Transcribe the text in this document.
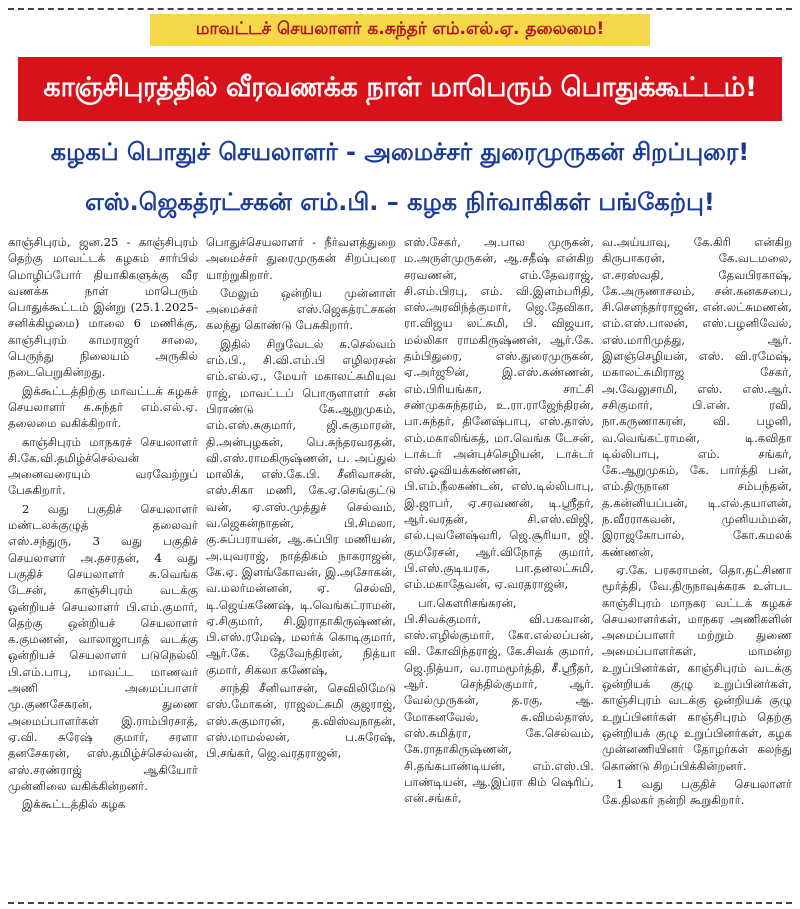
மாவட்டச் செயலாளர் க.சுந்தர் எம்.எல்.ஏ. தலைமை!
காஞ்சிபுரத்தில் வீரவணக்க நாள் மாபெரும் பொதுக்கூட்டம்!
கழகப் பொதுச் செயலாளர் - அமைச்சர் துரைமுருகன் சிறப்புரை!
எஸ்.ஜெகத்ரட்சகன் எம்.பி. – கழக நிர்வாகிகள் பங்கேற்பு!

காஞ்சிபுரம், ஜன.25 - காஞ்சிபுரம் தெற்கு மாவட்டக் கழகம் சார்பில் மொழிப்போர் தியாகிகளுக்கு வீர வணக்க நாள் மாபெரும் பொதுக்கூட்டம் இன்று (25.1.2025-சனிக்கிழமை) மாலை 6 மணிக்கு, காஞ்சிபுரம் காமராஜர் சாலை, பெருந்து நிலையம் அருகில் நடைபெறுகின்றது.

இக்கூட்டத்திற்கு மாவட்டக் கழகச் செயலாளர் க.சுந்தர் எம்.எல்.ஏ. தலைமை வகிக்கிறார்.

காஞ்சிபுரம் மாநகரச் செயலாளர் சி.கே.வி.தமிழ்ச்செல்வன் அனைவரையும் வரவேற்றுப் பேசுகிறார்.

2 வது பகுதிச் செயலாளர் மண்டலக்குழுத் தலைவர் எஸ்.சந்துரு, 3 வது பகுதிச் செயலாளர் அ.தசரதன், 4 வது பகுதிச் செயலாளர் சு.வெங்க டேசன், காஞ்சிபுரம் வடக்கு ஒன்றியச் செயலாளர் பி.எம்.குமார், தெற்கு ஒன்றியச் செயலாளர் க.குமணன், வாலாஜாபாத் வடக்கு ஒன்றியச் செயலாளர் படுநெல்லி பி.எம்.பாபு, மாவட்ட மாணவர் அணி அமைப்பாளர் மு.குணசேகரன், துணை அமைப்பாளர்கள் இ.ராம்பிரசாத், ஏ.வி. சுரேஷ் குமார், சரளா தனசேகரன், எஸ்.தமிழ்ச்செல்வன், எஸ்.சரண்ராஜ் ஆகியோர் முன்னிலை வகிக்கின்றனர்.

இக்கூட்டத்தில் கழக

பொதுச்செயலாளர் - நீர்வளத்துறை அமைச்சர் துரைமுருகன் சிறப்புரை யாற்றுகிறார்.

மேலும் ஒன்றிய முன்னாள் அமைச்சர் எஸ்.ஜெகத்ரட்சகன் கலந்து கொண்டு பேசுகிறார்.

இதில் சிறுவேடல் க.செல்வம் எம்.பி., சி.வி.எம்.பி எழிலரசன் எம்.எல்.ஏ., மேயர் மகாலட்சுமியுவ ராஜ், மாவட்டப் பொருளாளர் சன் பிராண்டு கே.ஆறுமுகம், எம்.எஸ்.சுகுமார், ஜி.சுகுமாரன், தி.அன்புழகன், பெ.சுந்தரவரதன், வி.எஸ்.ராமகிருஷ்ணன், ப. அப்துல் மாலிக், எஸ்.கே.பி. சீனிவாசன், எஸ்.சிகா மணி, கே.ஏ.செங்குட்டு வன், ஏ.எஸ்.முத்துச் செல்வம், வ.ஜெகன்நாதன், பி.சிமலா, கு.சுப்பராயன், ஆ.சுப்பிர மணியன், அ.யுவராஜ், நாத்திகம் நாகராஜன், கே.ஏ. இளங்கோவன், இ.அசோகன், வ.மலர்மன்னன், ஏ. செல்வி, டி.ஜெய்கணேஷ், டி.வெங்கட்ராமன், ஏ.சிகுமார், சி.இராதாகிருஷ்ணன், பி.எஸ்.ரமேஷ், மலர்க் கொடிகுமார், ஆர்.கே. தேவேந்திரன், நித்யா குமார், சிகலா கணேஷ்,

சாந்தி சீனிவாசன், செவிலிமேடு எஸ்.மோகன், ராஜலட்சுமி குஜராஜ், எஸ்.சுகுமாரன், த.விஸ்வநாதன், எஸ்.மாமல்லன், ப.சுரேஷ், பி.சங்கர், ஜெ.வரதராஜன்,

எஸ்.சேகர், அ.பால முருகன், ம.அருள்முருகன், ஆ.சதீஷ் என்கிற சரவணன், எம்.தேவராஜ், சி.எம்.பிரபு, எம். வி.இளம்பரிதி, எஸ்.அரவிந்த்குமார், ஜெ.தேவிகா, ரா.விஜய லட்சுமி, பி. விஜயா, மல்லிகா ராமகிருஷ்ணன், ஆர்.கே. தம்பிதுரை, எஸ்.துரைமுருகன், ஏ.அர்ஜூன், இ.எஸ்.கண்ணன், எம்.பிரியங்கா, சாட்சி சண்முகசுந்தரம், உ.ரா.ராஜேந்திரன், பா.சுந்தர், தினேஷ்பாபு, எஸ்.தாஸ், எம்.மகாலிங்கத், மா.வெங்க டேசன், டாக்டர் அன்புச்செழியன், டாக்டர் எஸ்.ஓவியக்கண்ணன், பி.எம்.நீலகண்டன், எஸ்.டில்லிபாபு, இ.ஜாபர், ஏ.சரவணன், டி.ஸ்ரீதர், ஆர்.வரதன், சி.எஸ்.விஜி, எல்.புவனேஷ்வரி, ஜெ.சூரியா, ஜி. குமரேசன், ஆர்.விநோத் குமார், பி.எஸ்.குடியரசு, பா.தனலட்சுமி, எம்.மகாதேவன், ஏ.வரதராஜன்,

பா.கௌரிசங்கரன், பி.சிவக்குமார், வி.பகவான், எஸ்.எழில்குமார், கோ.எல்லப்பன், வி. கோவிந்தராஜ், கே.சிவக் குமார், ஜெ.நித்யா, வ.ராமமூர்த்தி, சீ.ஸ்ரீதர், ஆர். செந்தில்குமார், ஆர். வேல்முருகன், த.ரகு, ஆ. மோகனவேல், சு.விமல்தாஸ், எஸ்.சுமித்ரா, கே.செல்வம், கே.ராதாகிருஷ்ணன், சி.தங்கபாண்டியன், எம்.எஸ்.பி. பாண்டியன், ஆ.இப்ரா கிம் ஷெரிப், என்.சங்கர்,

வ.அய்யாவு, கே.கிரி என்கிற கிருபாகரன், கே.வடமலை, எ.சரஸ்வதி, தேவபிரகாஷ், கே.அருணாசலம், சன்.கனகசபை, சி.சௌந்தர்ராஜன், என்.லட்சுமணன், எம்.எஸ்.பாலன், எஸ்.பழனிவேல், எஸ்.மாரிமுத்து, ஆர். இளஞ்செழியன், எஸ். வி.ரமேஷ், மகாலட்சுமிராஜ சேகர், அ.வேலுசாமி, எஸ். எஸ்.ஆர். சசிகுமார், பி.என். ரவி, நா.கருணாகரன், வி. பழனி, வ.வெங்கட்ராமன், டி.கவிதா டில்லிபாபு, எம். சங்கர், கே.ஆறுமுகம், கே. பார்த்தி பன், எம்.திருநான சம்பந்தன், த.கன்னியப்பன், டி.எல்.தயாளன், ந.வீரராகவன், முனியம்மன், இராஜகோபால், கோ.கமலக் கண்ணன்,

ஏ.கே. பரசுராமன், தொ.தட்சிணா மூர்த்தி, வே.திருநாவுக்கரசு உள்பட காஞ்சிபுரம் மாநகர வட்டக் கழகச் செயலாளர்கள், மாநகர அணிகளின் அமைப்பாளர் மற்றும் துணை அமைப்பாளர்கள், மாமன்ற உறுப்பினர்கள், காஞ்சிபுரம் வடக்கு ஒன்றியக் குழு உறுப்பினர்கள், காஞ்சிபுரம் வடக்கு ஒன்றியக் குழு உறுப்பினர்கள் காஞ்சிபுரம் தெற்கு ஒன்றியக் குழு உறுப்பினர்கள், கழக முன்னணியினர் தோழர்கள் கலந்து கொண்டு சிறப்பிக்கின்றனர்.

1 வது பகுதிச் செயலாளர் கே.திலகர் நன்றி கூறுகிறார்.
